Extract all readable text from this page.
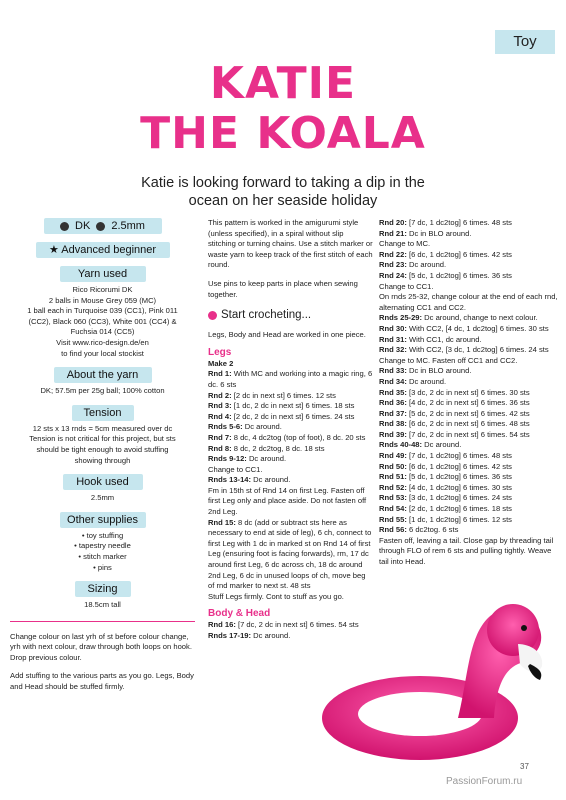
Toy
KATIE
THE KOALA
Katie is looking forward to taking a dip in the ocean on her seaside holiday
DK 2.5mm
★ Advanced beginner
Yarn used
Rico Ricorumi DK
2 balls in Mouse Grey 059 (MC)
1 ball each in Turquoise 039 (CC1), Pink 011
(CC2), Black 060 (CC3), White 001 (CC4) &
Fuchsia 014 (CC5)
Visit www.rico-design.de/en
to find your local stockist
About the yarn
DK; 57.5m per 25g ball; 100% cotton
Tension
12 sts x 13 rnds = 5cm measured over dc
Tension is not critical for this project, but sts
should be tight enough to avoid stuffing
showing through
Hook used
2.5mm
Other supplies
• toy stuffing
• tapestry needle
• stitch marker
• pins
Sizing
18.5cm tall

Change colour on last yrh of st before colour change, yrh with next colour, draw through both loops on hook. Drop previous colour.

Add stuffing to the various parts as you go. Legs, Body and Head should be stuffed firmly.

This pattern is worked in the amigurumi style (unless specified), in a spiral without slip stitching or turning chains. Use a stitch marker or waste yarn to keep track of the first stitch of each round.

Use pins to keep parts in place when sewing together.

Start crocheting...

Legs, Body and Head are worked in one piece.

Legs
Make 2
Rnd 1: With MC and working into a magic ring, 6 dc. 6 sts
Rnd 2: [2 dc in next st] 6 times. 12 sts
Rnd 3: [1 dc, 2 dc in next st] 6 times. 18 sts
Rnd 4: [2 dc, 2 dc in next st] 6 times. 24 sts
Rnds 5-6: Dc around.
Rnd 7: 8 dc, 4 dc2tog (top of foot), 8 dc. 20 sts
Rnd 8: 8 dc, 2 dc2tog, 8 dc. 18 sts
Rnds 9-12: Dc around.
Change to CC1.
Rnds 13-14: Dc around.
Fm in 15th st of Rnd 14 on first Leg. Fasten off first Leg only and place aside. Do not fasten off 2nd Leg.
Rnd 15: 8 dc (add or subtract sts here as necessary to end at side of leg), 6 ch, connect to first Leg with 1 dc in marked st on Rnd 14 of first Leg (ensuring foot is facing forwards), rm, 17 dc around first Leg, 6 dc across ch, 18 dc around 2nd Leg, 6 dc in unused loops of ch, move beg of rnd marker to next st. 48 sts
Stuff Legs firmly. Cont to stuff as you go.
Body & Head
Rnd 16: [7 dc, 2 dc in next st] 6 times. 54 sts
Rnds 17-19: Dc around.
Rnd 20: [7 dc, 1 dc2tog] 6 times. 48 sts
Rnd 21: Dc in BLO around.
Change to MC.
Rnd 22: [6 dc, 1 dc2tog] 6 times. 42 sts
Rnd 23: Dc around.
Rnd 24: [5 dc, 1 dc2tog] 6 times. 36 sts
Change to CC1.
On rnds 25-32, change colour at the end of each rnd, alternating CC1 and CC2.
Rnds 25-29: Dc around, change to next colour.
Rnd 30: With CC2, [4 dc, 1 dc2tog] 6 times. 30 sts
Rnd 31: With CC1, dc around.
Rnd 32: With CC2, [3 dc, 1 dc2tog] 6 times. 24 sts
Change to MC. Fasten off CC1 and CC2.
Rnd 33: Dc in BLO around.
Rnd 34: Dc around.
Rnd 35: [3 dc, 2 dc in next st] 6 times. 30 sts
Rnd 36: [4 dc, 2 dc in next st] 6 times. 36 sts
Rnd 37: [5 dc, 2 dc in next st] 6 times. 42 sts
Rnd 38: [6 dc, 2 dc in next st] 6 times. 48 sts
Rnd 39: [7 dc, 2 dc in next st] 6 times. 54 sts
Rnds 40-48: Dc around.
Rnd 49: [7 dc, 1 dc2tog] 6 times. 48 sts
Rnd 50: [6 dc, 1 dc2tog] 6 times. 42 sts
Rnd 51: [5 dc, 1 dc2tog] 6 times. 36 sts
Rnd 52: [4 dc, 1 dc2tog] 6 times. 30 sts
Rnd 53: [3 dc, 1 dc2tog] 6 times. 24 sts
Rnd 54: [2 dc, 1 dc2tog] 6 times. 18 sts
Rnd 55: [1 dc, 1 dc2tog] 6 times. 12 sts
Rnd 56: 6 dc2tog. 6 sts
Fasten off, leaving a tail. Close gap by threading tail through FLO of rem 6 sts and pulling tightly. Weave tail into Head.
37
PassionForum.ru
